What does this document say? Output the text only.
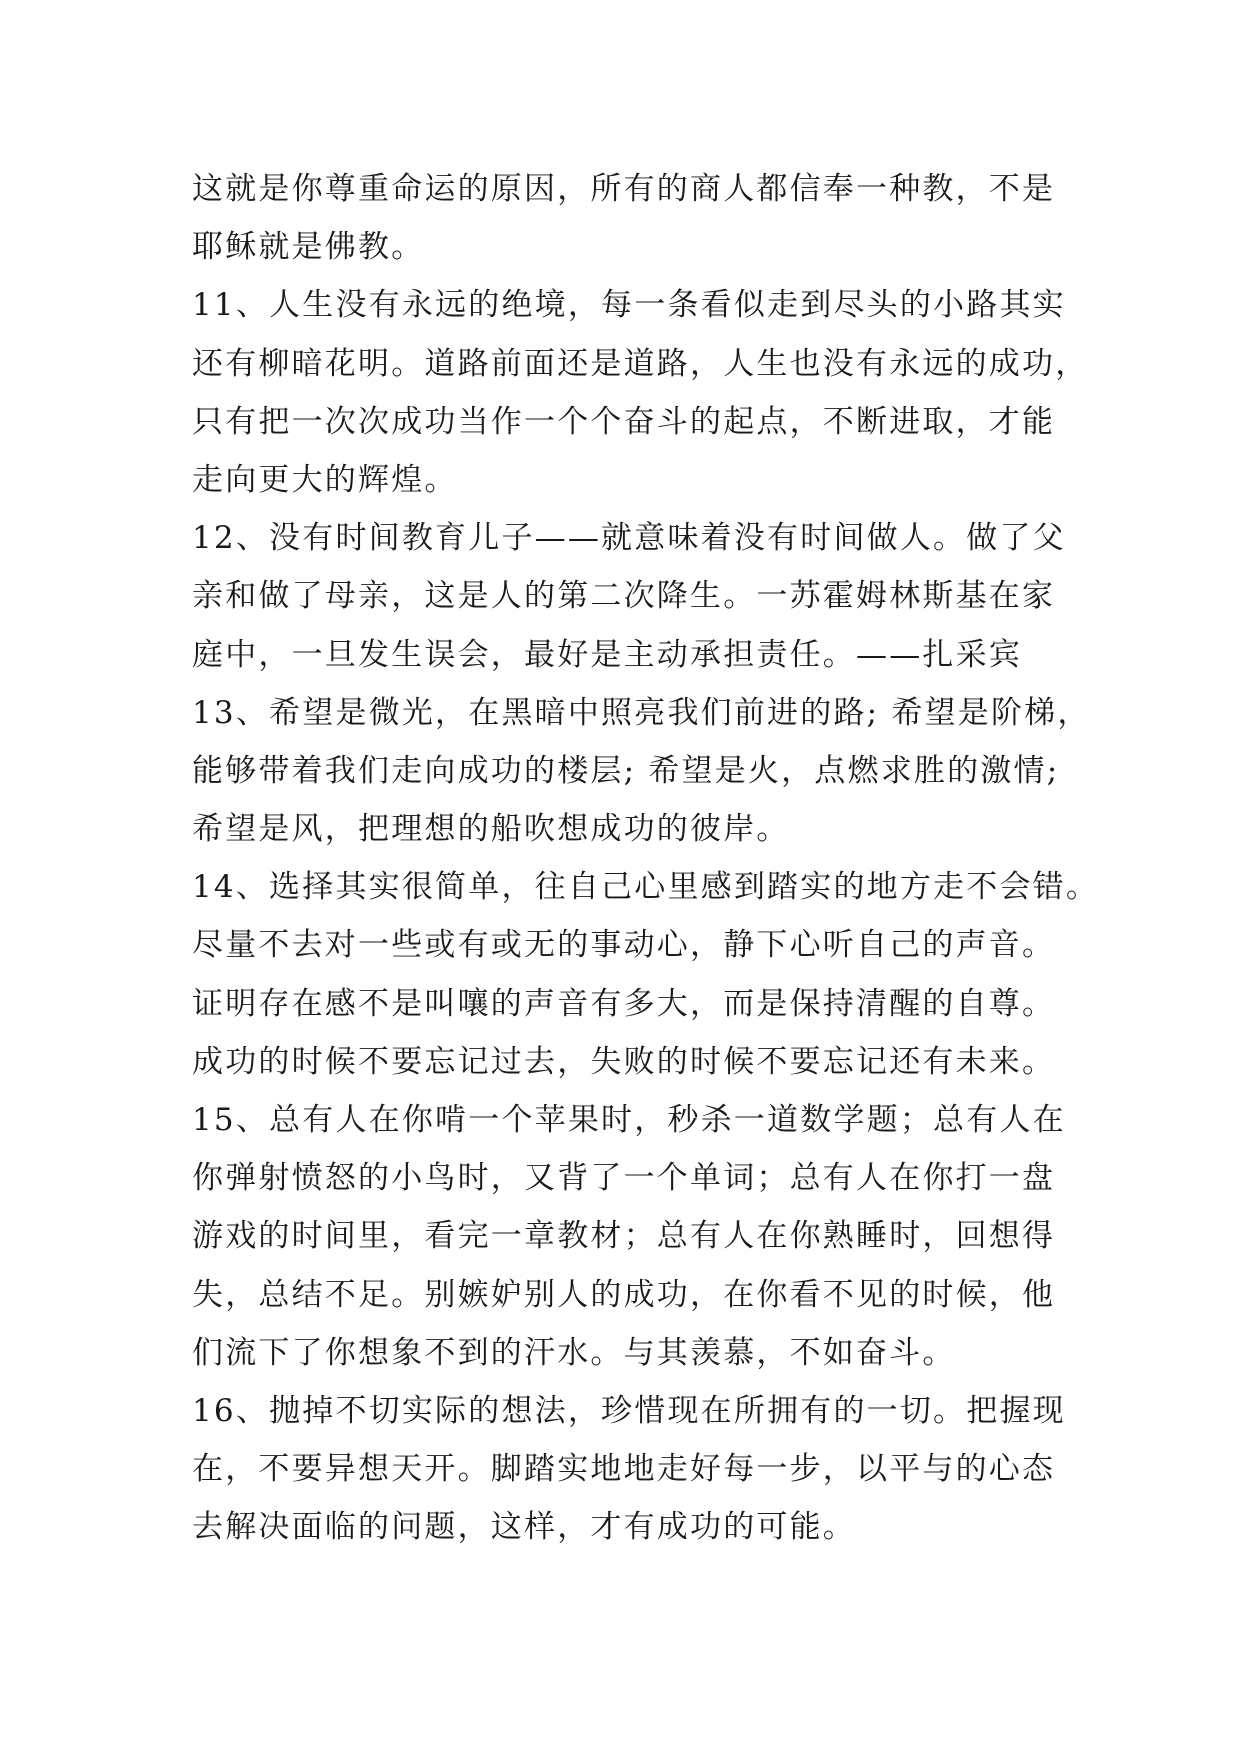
这就是你尊重命运的原因，所有的商人都信奉一种教，不是
耶稣就是佛教。
11、人生没有永远的绝境，每一条看似走到尽头的小路其实
还有柳暗花明。道路前面还是道路，人生也没有永远的成功，
只有把一次次成功当作一个个奋斗的起点，不断进取，才能
走向更大的辉煌。
12、没有时间教育儿子——就意味着没有时间做人。做了父
亲和做了母亲，这是人的第二次降生。一苏霍姆林斯基在家
庭中，一旦发生误会，最好是主动承担责任。——扎采宾
13、希望是微光，在黑暗中照亮我们前进的路; 希望是阶梯，
能够带着我们走向成功的楼层; 希望是火，点燃求胜的激情;
希望是风，把理想的船吹想成功的彼岸。
14、选择其实很简单，往自己心里感到踏实的地方走不会错。
尽量不去对一些或有或无的事动心，静下心听自己的声音。
证明存在感不是叫嚷的声音有多大，而是保持清醒的自尊。
成功的时候不要忘记过去，失败的时候不要忘记还有未来。
15、总有人在你啃一个苹果时，秒杀一道数学题；总有人在
你弹射愤怒的小鸟时，又背了一个单词；总有人在你打一盘
游戏的时间里，看完一章教材；总有人在你熟睡时，回想得
失，总结不足。别嫉妒别人的成功，在你看不见的时候，他
们流下了你想象不到的汗水。与其羡慕，不如奋斗。
16、抛掉不切实际的想法，珍惜现在所拥有的一切。把握现
在，不要异想天开。脚踏实地地走好每一步，以平与的心态
去解决面临的问题，这样，才有成功的可能。
